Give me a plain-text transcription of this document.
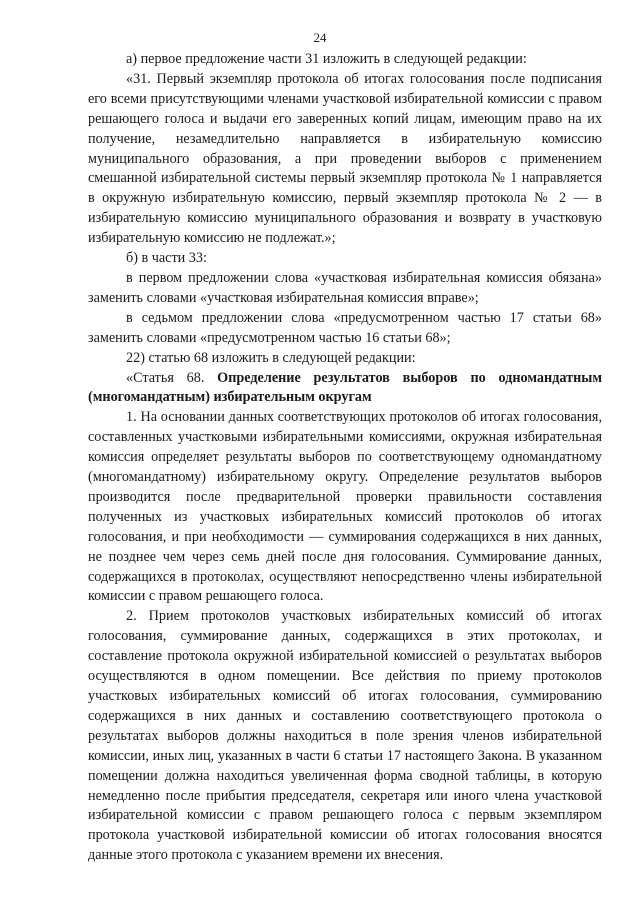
24

а) первое предложение части 31 изложить в следующей редакции:

«31. Первый экземпляр протокола об итогах голосования после подписания его всеми присутствующими членами участковой избирательной комиссии с правом решающего голоса и выдачи его заверенных копий лицам, имеющим право на их получение, незамедлительно направляется в избирательную комиссию муниципального образования, а при проведении выборов с применением смешанной избирательной системы первый экземпляр протокола № 1 направляется в окружную избирательную комиссию, первый экземпляр протокола № 2 — в избирательную комиссию муниципального образования и возврату в участковую избирательную комиссию не подлежат.»;

б) в части 33:

в первом предложении слова «участковая избирательная комиссия обязана» заменить словами «участковая избирательная комиссия вправе»;

в седьмом предложении слова «предусмотренном частью 17 статьи 68» заменить словами «предусмотренном частью 16 статьи 68»;

22) статью 68 изложить в следующей редакции:

«Статья 68. Определение результатов выборов по одномандатным (многомандатным) избирательным округам

1. На основании данных соответствующих протоколов об итогах голосования, составленных участковыми избирательными комиссиями, окружная избирательная комиссия определяет результаты выборов по соответствующему одномандатному (многомандатному) избирательному округу. Определение результатов выборов производится после предварительной проверки правильности составления полученных из участковых избирательных комиссий протоколов об итогах голосования, и при необходимости — суммирования содержащихся в них данных, не позднее чем через семь дней после дня голосования. Суммирование данных, содержащихся в протоколах, осуществляют непосредственно члены избирательной комиссии с правом решающего голоса.

2. Прием протоколов участковых избирательных комиссий об итогах голосования, суммирование данных, содержащихся в этих протоколах, и составление протокола окружной избирательной комиссией о результатах выборов осуществляются в одном помещении. Все действия по приему протоколов участковых избирательных комиссий об итогах голосования, суммированию содержащихся в них данных и составлению соответствующего протокола о результатах выборов должны находиться в поле зрения членов избирательной комиссии, иных лиц, указанных в части 6 статьи 17 настоящего Закона. В указанном помещении должна находиться увеличенная форма сводной таблицы, в которую немедленно после прибытия председателя, секретаря или иного члена участковой избирательной комиссии с правом решающего голоса с первым экземпляром протокола участковой избирательной комиссии об итогах голосования вносятся данные этого протокола с указанием времени их внесения.
